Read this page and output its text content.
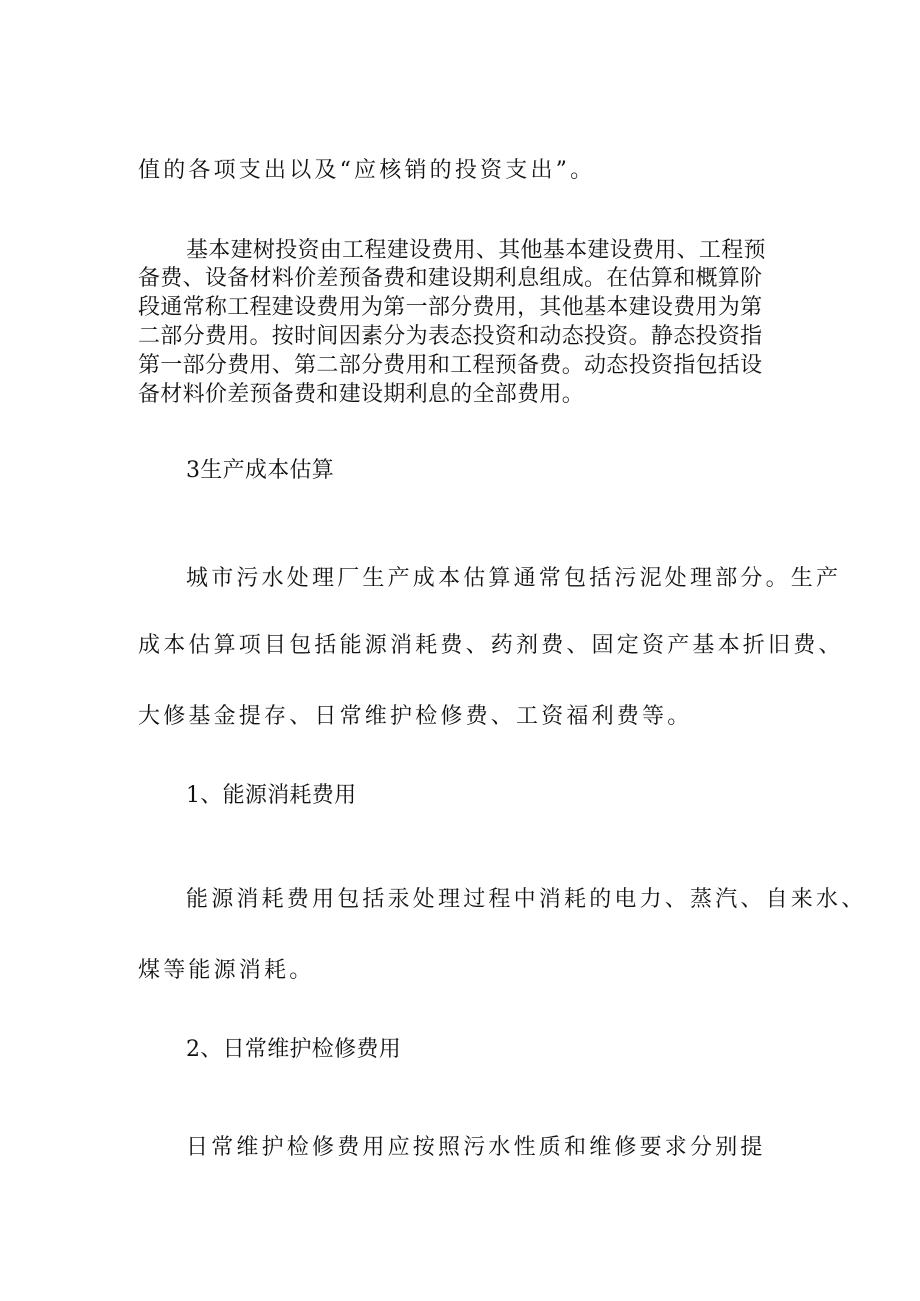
值的各项支出以及“应核销的投资支出”。
基本建树投资由工程建设费用、其他基本建设费用、工程预
备费、设备材料价差预备费和建设期利息组成。在估算和概算阶
段通常称工程建设费用为第一部分费用，其他基本建设费用为第
二部分费用。按时间因素分为表态投资和动态投资。静态投资指
第一部分费用、第二部分费用和工程预备费。动态投资指包括设
备材料价差预备费和建设期利息的全部费用。
3生产成本估算
城市污水处理厂生产成本估算通常包括污泥处理部分。生产
成本估算项目包括能源消耗费、药剂费、固定资产基本折旧费、
大修基金提存、日常维护检修费、工资福利费等。
1、能源消耗费用
能源消耗费用包括汞处理过程中消耗的电力、蒸汽、自来水、
煤等能源消耗。
2、日常维护检修费用
日常维护检修费用应按照污水性质和维修要求分别提
